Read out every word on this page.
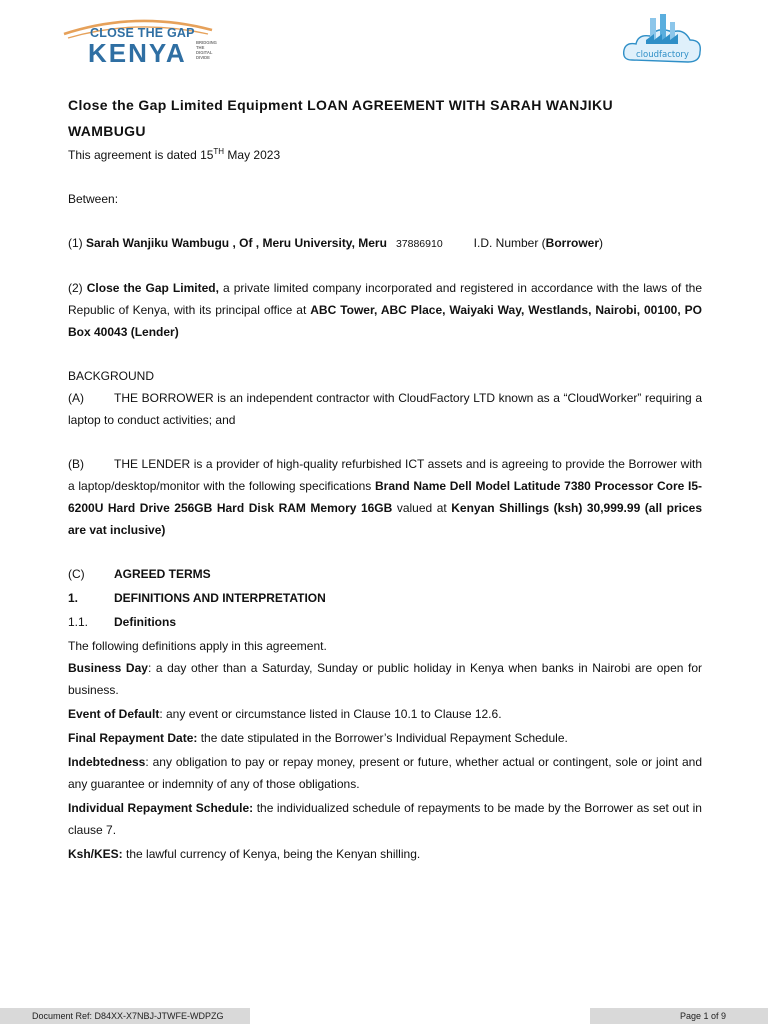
CLOSE THE GAP
KENYA BRIDGING THE DIGITAL DIVIDE	cloudfactory

Close the Gap Limited Equipment LOAN AGREEMENT WITH SARAH WANJIKU

WAMBUGU

This agreement is dated 15TH May 2023

Between:

(1) Sarah Wanjiku Wambugu , Of , Meru University, Meru 37886910	I.D. Number (Borrower)

(2) Close the Gap Limited, a private limited company incorporated and registered in accordance with the laws of the Republic of Kenya, with its principal office at ABC Tower, ABC Place, Waiyaki Way, Westlands, Nairobi, 00100, PO Box 40043 (Lender)

BACKGROUND

(A)	THE BORROWER is an independent contractor with CloudFactory LTD known as a “CloudWorker” requiring a laptop to conduct activities; and

(B)	THE LENDER is a provider of high-quality refurbished ICT assets and is agreeing to provide the Borrower with a laptop/desktop/monitor with the following specifications Brand Name Dell Model Latitude 7380 Processor Core I5-6200U Hard Drive 256GB Hard Disk RAM Memory 16GB valued at Kenyan Shillings (ksh) 30,999.99 (all prices are vat inclusive)

(C)	AGREED TERMS
1.	DEFINITIONS AND INTERPRETATION
1.1.	Definitions

The following definitions apply in this agreement.

Business Day: a day other than a Saturday, Sunday or public holiday in Kenya when banks in Nairobi are open for business.

Event of Default: any event or circumstance listed in Clause 10.1 to Clause 12.6.

Final Repayment Date: the date stipulated in the Borrower’s Individual Repayment Schedule.

Indebtedness: any obligation to pay or repay money, present or future, whether actual or contingent, sole or joint and any guarantee or indemnity of any of those obligations.

Individual Repayment Schedule: the individualized schedule of repayments to be made by the Borrower as set out in clause 7.

Ksh/KES: the lawful currency of Kenya, being the Kenyan shilling.

Document Ref: D84XX-X7NBJ-JTWFE-WDPZG	Page 1 of 9
